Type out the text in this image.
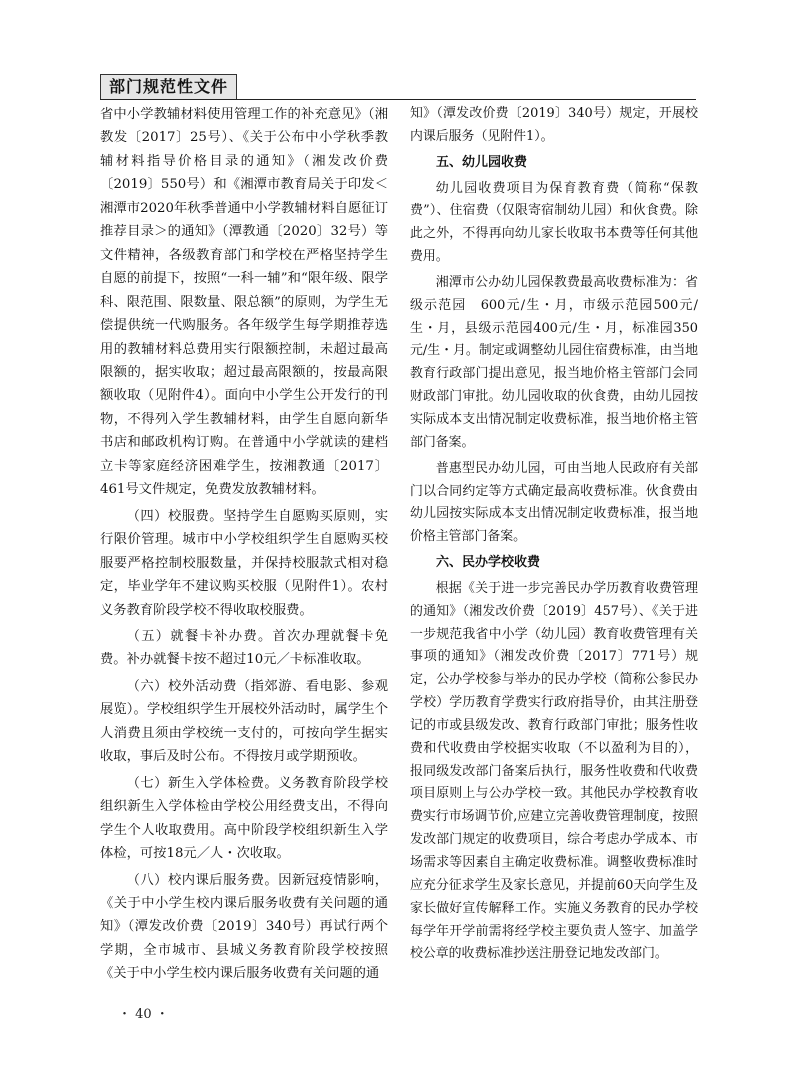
部门规范性文件

省中小学教辅材料使用管理工作的补充意见》（湘教发〔2017〕25号）、《关于公布中小学秋季教辅材料指导价格目录的通知》（湘发改价费〔2019〕550号）和《湘潭市教育局关于印发＜湘潭市2020年秋季普通中小学教辅材料自愿征订推荐目录＞的通知》（潭教通〔2020〕32号）等文件精神，各级教育部门和学校在严格坚持学生自愿的前提下，按照“一科一辅”和“限年级、限学科、限范围、限数量、限总额”的原则，为学生无偿提供统一代购服务。各年级学生每学期推荐选用的教辅材料总费用实行限额控制，未超过最高限额的，据实收取；超过最高限额的，按最高限额收取（见附件4）。面向中小学生公开发行的刊物，不得列入学生教辅材料，由学生自愿向新华书店和邮政机构订购。在普通中小学就读的建档立卡等家庭经济困难学生，按湘教通〔2017〕461号文件规定，免费发放教辅材料。

（四）校服费。坚持学生自愿购买原则，实行限价管理。城市中小学校组织学生自愿购买校服要严格控制校服数量，并保持校服款式相对稳定，毕业学年不建议购买校服（见附件1）。农村义务教育阶段学校不得收取校服费。

（五）就餐卡补办费。首次办理就餐卡免费。补办就餐卡按不超过10元／卡标准收取。

（六）校外活动费（指郊游、看电影、参观展览）。学校组织学生开展校外活动时，属学生个人消费且须由学校统一支付的，可按向学生据实收取，事后及时公布。不得按月或学期预收。

（七）新生入学体检费。义务教育阶段学校组织新生入学体检由学校公用经费支出，不得向学生个人收取费用。高中阶段学校组织新生入学体检，可按18元／人・次收取。

（八）校内课后服务费。因新冠疫情影响，《关于中小学生校内课后服务收费有关问题的通知》（潭发改价费〔2019〕340号）再试行两个学期，全市城市、县城义务教育阶段学校按照《关于中小学生校内课后服务收费有关问题的通

知》（潭发改价费〔2019〕340号）规定，开展校内课后服务（见附件1）。

五、幼儿园收费

幼儿园收费项目为保育教育费（简称“保教费”）、住宿费（仅限寄宿制幼儿园）和伙食费。除此之外，不得再向幼儿家长收取书本费等任何其他费用。

湘潭市公办幼儿园保教费最高收费标准为：省级示范园　600元/生・月，市级示范园500元/生・月，县级示范园400元/生・月，标准园350元/生・月。制定或调整幼儿园住宿费标准，由当地教育行政部门提出意见，报当地价格主管部门会同财政部门审批。幼儿园收取的伙食费，由幼儿园按实际成本支出情况制定收费标准，报当地价格主管部门备案。

普惠型民办幼儿园，可由当地人民政府有关部门以合同约定等方式确定最高收费标准。伙食费由幼儿园按实际成本支出情况制定收费标准，报当地价格主管部门备案。

六、民办学校收费

根据《关于进一步完善民办学历教育收费管理的通知》（湘发改价费〔2019〕457号）、《关于进一步规范我省中小学（幼儿园）教育收费管理有关事项的通知》（湘发改价费〔2017〕771号）规定，公办学校参与举办的民办学校（简称公参民办学校）学历教育学费实行政府指导价，由其注册登记的市或县级发改、教育行政部门审批；服务性收费和代收费由学校据实收取（不以盈利为目的），报同级发改部门备案后执行，服务性收费和代收费项目原则上与公办学校一致。其他民办学校教育收费实行市场调节价,应建立完善收费管理制度，按照发改部门规定的收费项目，综合考虑办学成本、市场需求等因素自主确定收费标准。调整收费标准时应充分征求学生及家长意见，并提前60天向学生及家长做好宣传解释工作。实施义务教育的民办学校每学年开学前需将经学校主要负责人签字、加盖学校公章的收费标准抄送注册登记地发改部门。

・ 40 ・
